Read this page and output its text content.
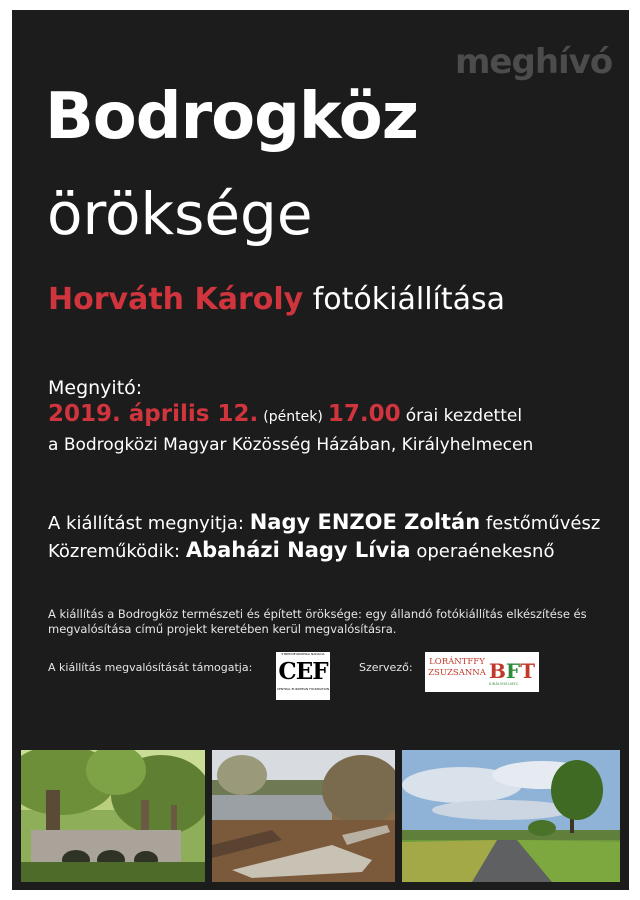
meghívó
Bodrogköz
öröksége
Horváth Károly fotókiállítása
Megnyitó:
2019. április 12. (péntek) 17.00 órai kezdettel
a Bodrogközi Magyar Közösség Házában, Királyhelmecen
A kiállítást megnyitja: Nagy ENZOE Zoltán festőművész
Közreműködik: Abaházi Nagy Lívia operaénekesnő
A kiállítás a Bodrogköz természeti és épített öröksége: egy állandó fotókiállítás elkészítése és megvalósítása című projekt keretében kerül megvalósításra.
A kiállítás megvalósítását támogatja:
STREDOEURÓPSKA NADÁCIA
CEF
CENTRAL EUROPEAN FOUNDATION
Szervező: LORÁNTFFY
ZSUZSANNA BFT
KIRÁLYHELMEC
